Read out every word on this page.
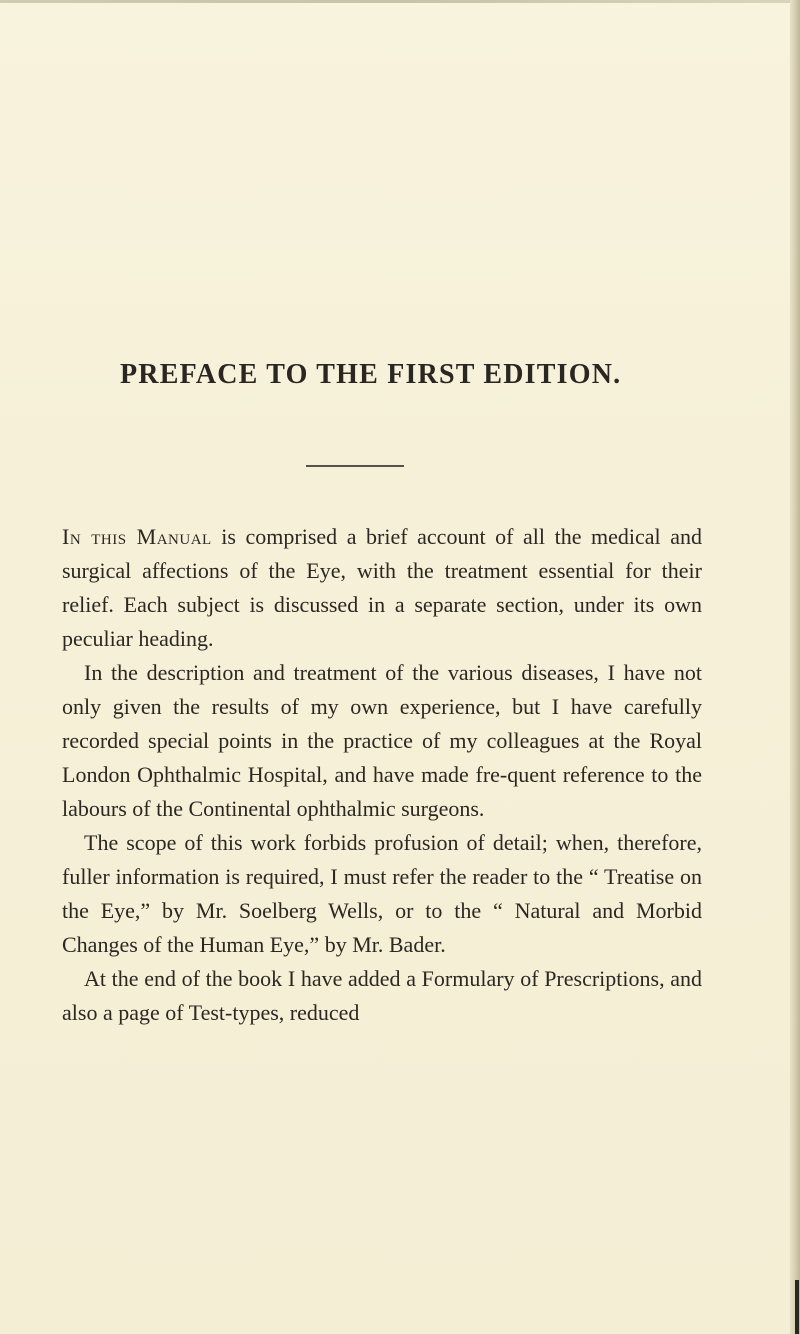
PREFACE TO THE FIRST EDITION.

In this Manual is comprised a brief account of all the medical and surgical affections of the Eye, with the treatment essential for their relief. Each subject is discussed in a separate section, under its own peculiar heading.

In the description and treatment of the various diseases, I have not only given the results of my own experience, but I have carefully recorded special points in the practice of my colleagues at the Royal London Ophthalmic Hospital, and have made fre-quent reference to the labours of the Continental ophthalmic surgeons.

The scope of this work forbids profusion of detail; when, therefore, fuller information is required, I must refer the reader to the “ Treatise on the Eye,” by Mr. Soelberg Wells, or to the “ Natural and Morbid Changes of the Human Eye,” by Mr. Bader.

At the end of the book I have added a Formulary of Prescriptions, and also a page of Test-types, reduced
